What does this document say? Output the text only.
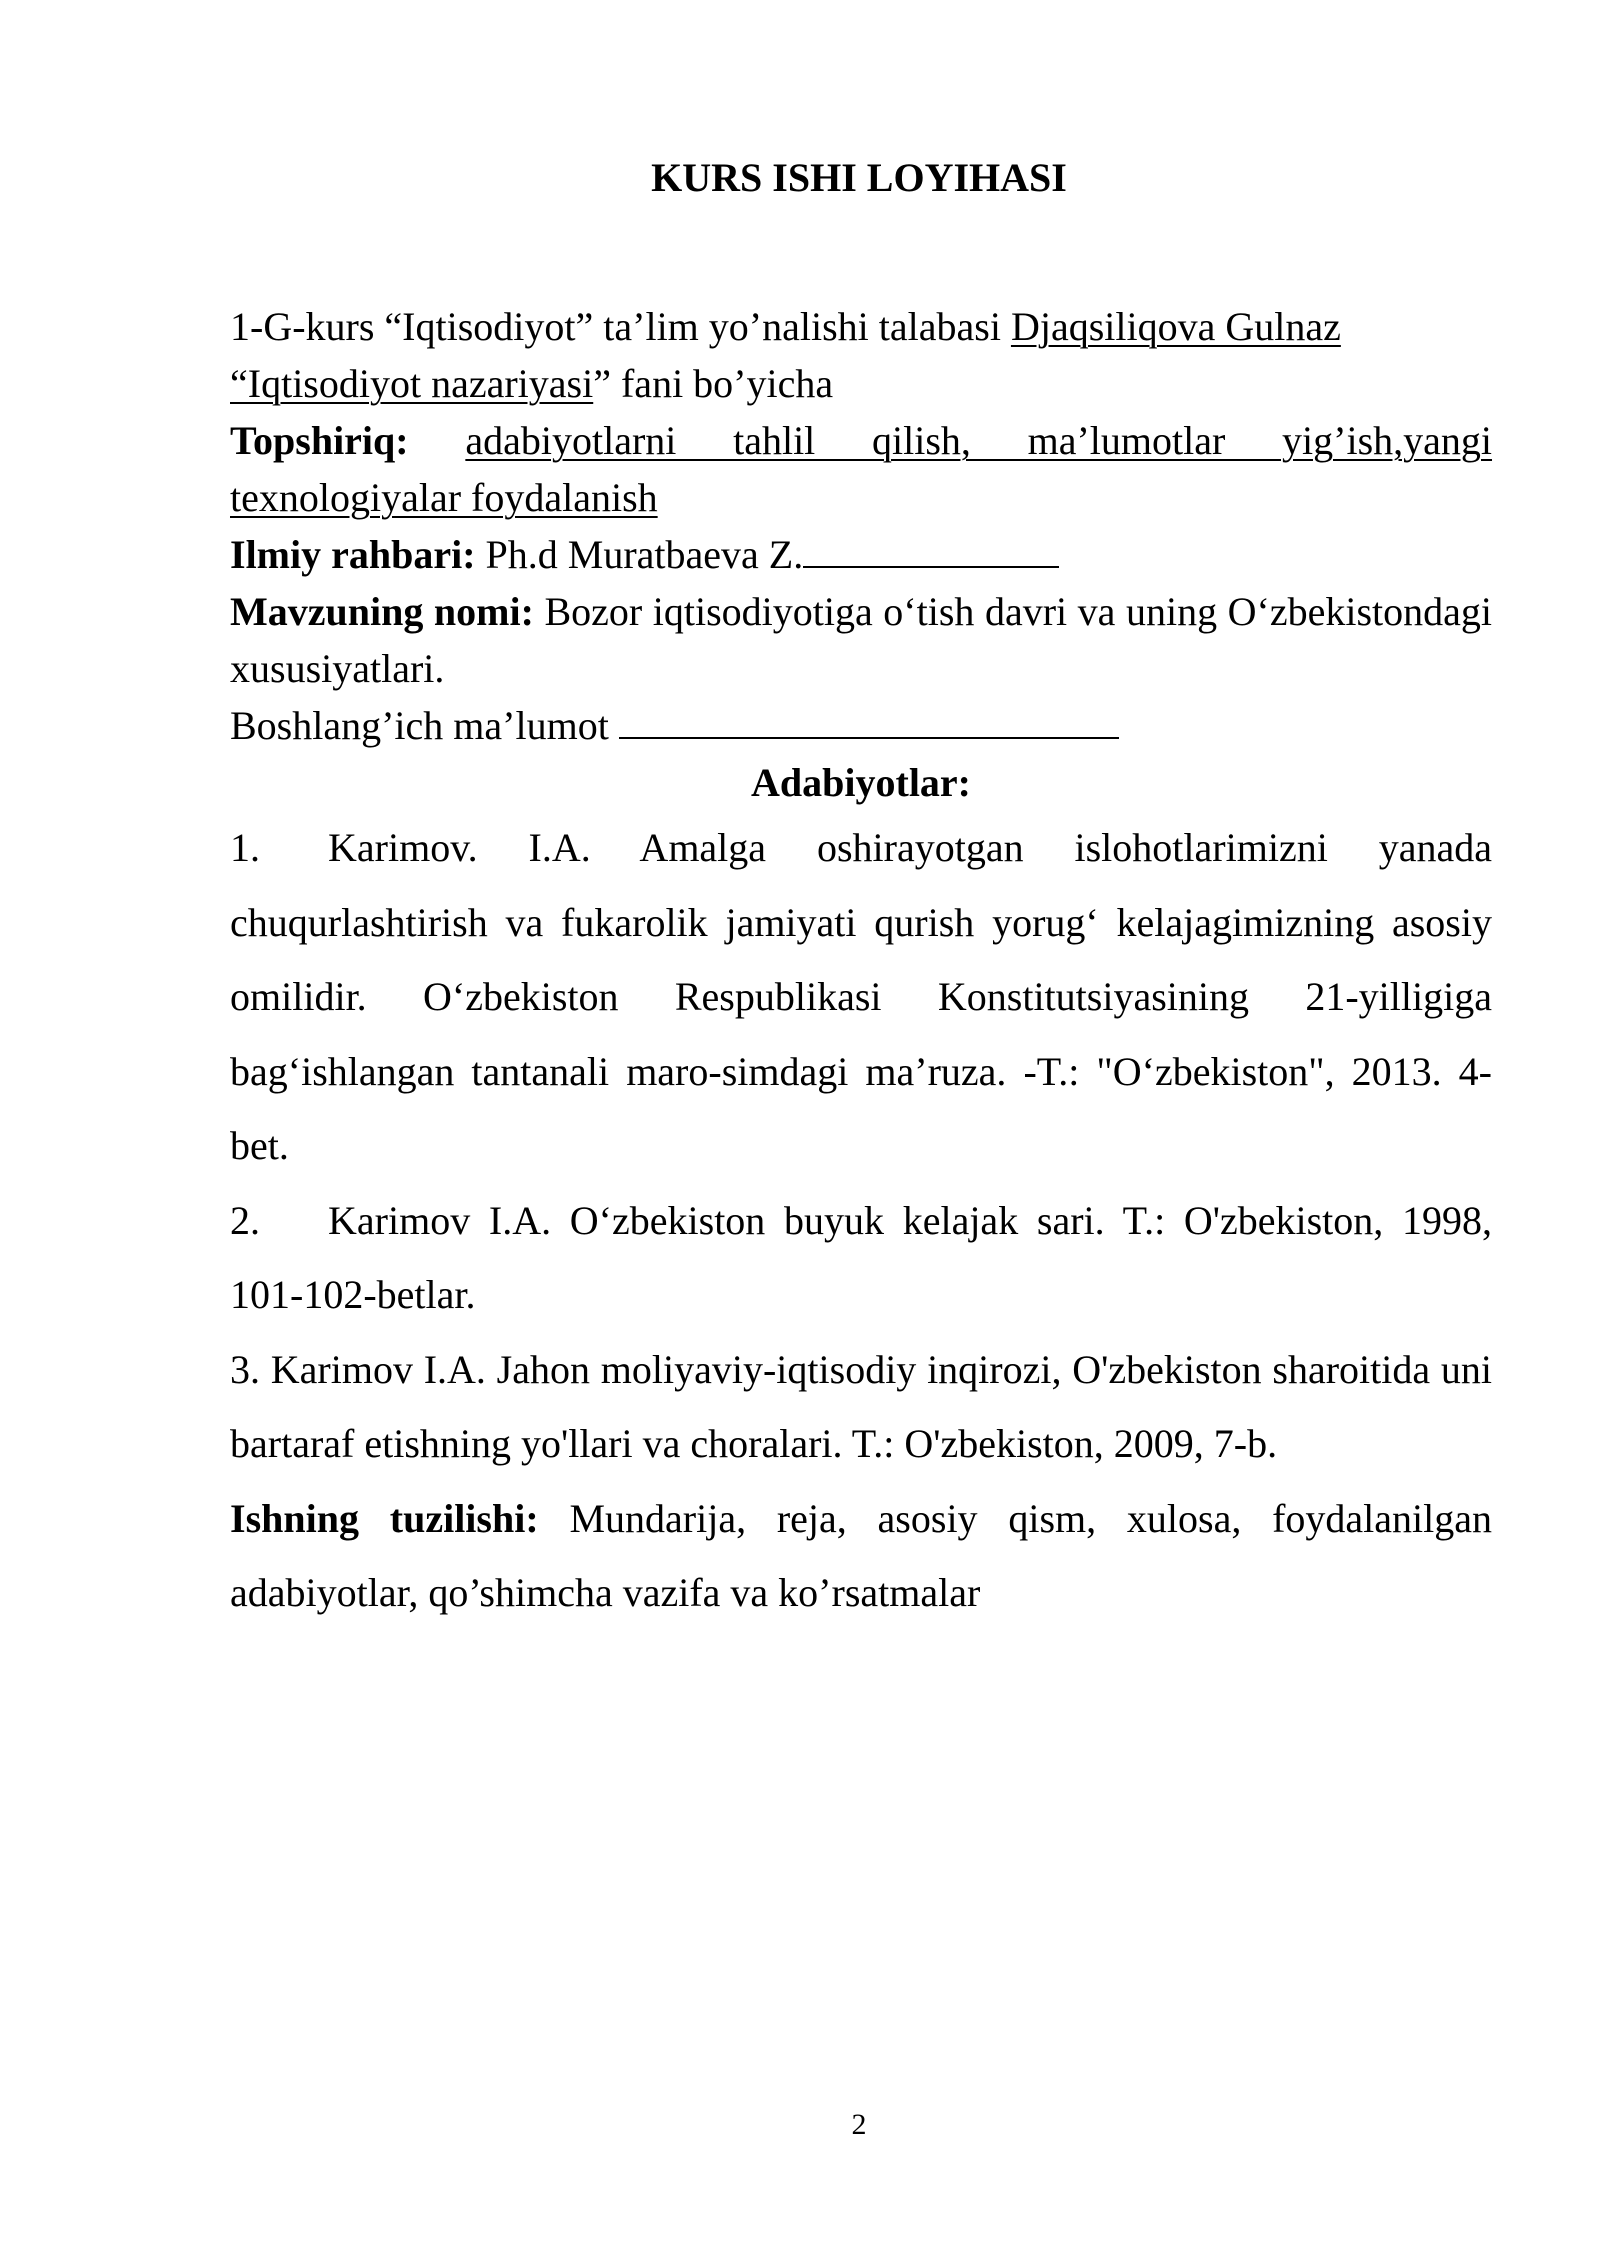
KURS ISHI LOYIHASI

1-G-kurs “Iqtisodiyot” ta’lim yo’nalishi talabasi Djaqsiliqova Gulnaz
“Iqtisodiyot nazariyasi” fani bo’yicha

Topshiriq: adabiyotlarni tahlil qilish, ma’lumotlar yig’ish,yangi texnologiyalar foydalanish

Ilmiy rahbari: Ph.d Muratbaeva Z.

Mavzuning nomi: Bozor iqtisodiyotiga o‘tish davri va uning O‘zbekistondagi xususiyatlari.

Boshlang’ich ma’lumot

Adabiyotlar:

1. Karimov. I.A. Amalga oshirayotgan islohotlarimizni yanada chuqurlashtirish va fukarolik jamiyati qurish yorug‘ kelajagimizning asosiy omilidir. O‘zbekiston Respublikasi Konstitutsiyasining 21-yilligiga bag‘ishlangan tantanali maro-simdagi ma’ruza. -T.: "O‘zbekiston", 2013. 4-bet.

2. Karimov I.A. O‘zbekiston buyuk kelajak sari. T.: O'zbekiston, 1998, 101-102-betlar.

3. Karimov I.A. Jahon moliyaviy-iqtisodiy inqirozi, O'zbekiston sharoitida uni bartaraf etishning yo'llari va choralari. T.: O'zbekiston, 2009, 7-b.

Ishning tuzilishi: Mundarija, reja, asosiy qism, xulosa, foydalanilgan adabiyotlar, qo’shimcha vazifa va ko’rsatmalar

2
